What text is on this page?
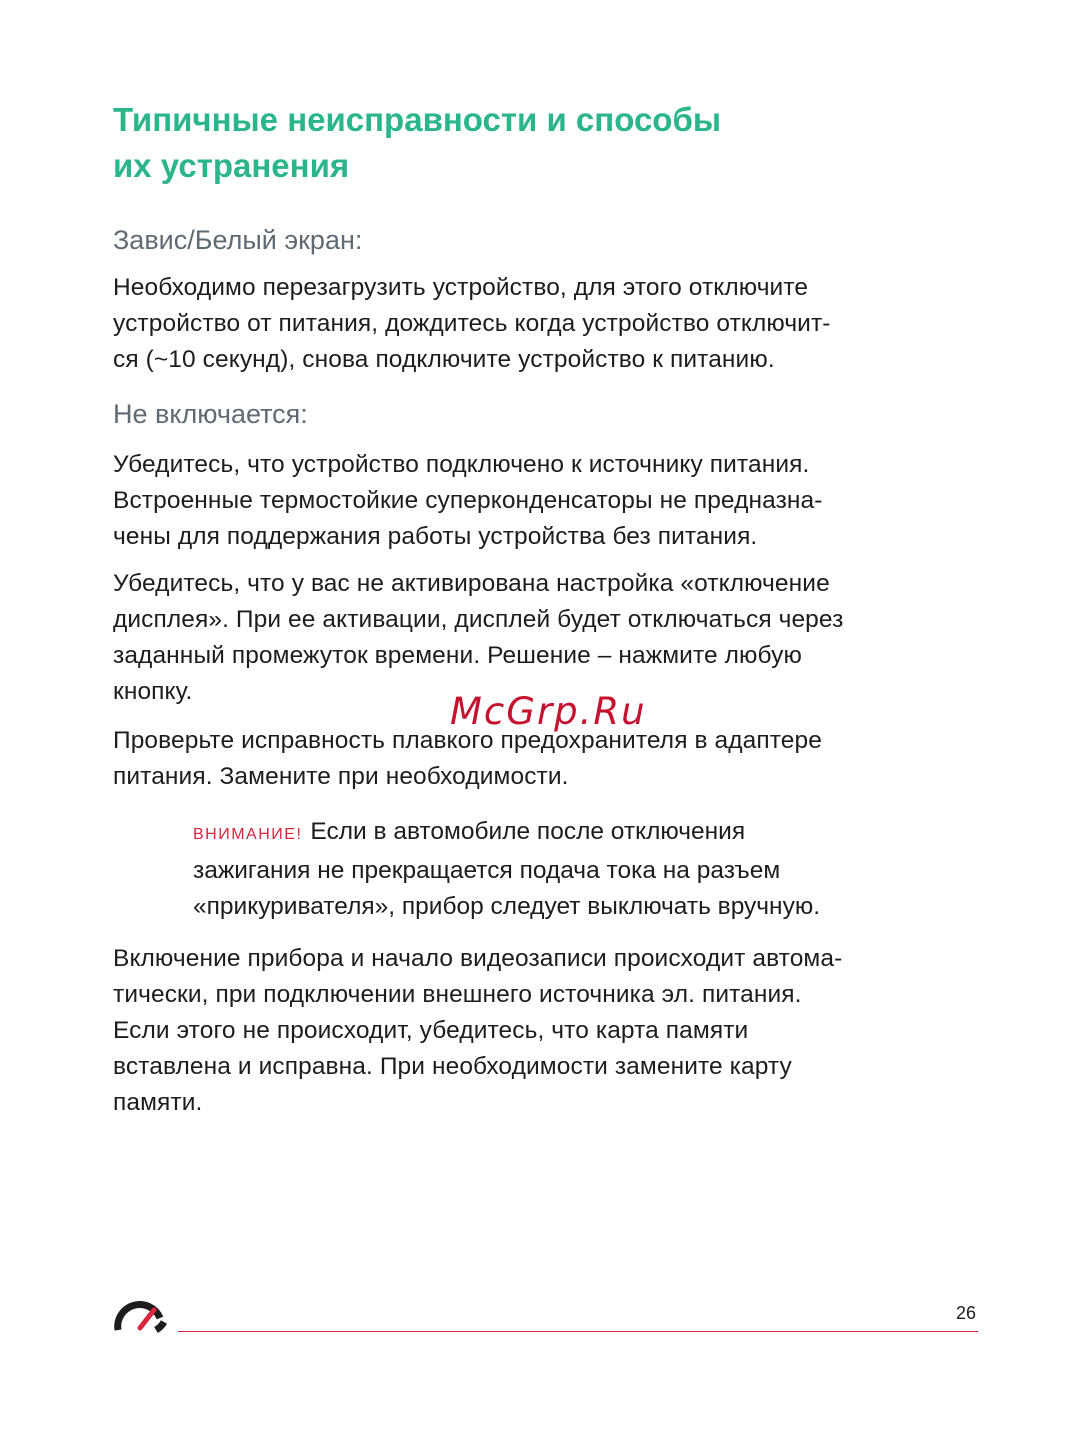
Типичные неисправности и способы
их устранения
Завис/Белый экран:

Необходимо перезагрузить устройство, для этого отключите
устройство от питания, дождитесь когда устройство отключит-
ся (~10 секунд), снова подключите устройство к питанию.

Не включается:

Убедитесь, что устройство подключено к источнику питания.
Встроенные термостойкие суперконденсаторы не предназна-
чены для поддержания работы устройства без питания.

Убедитесь, что у вас не активирована настройка «отключение
дисплея». При ее активации, дисплей будет отключаться через
заданный промежуток времени. Решение – нажмите любую
кнопку.

Проверьте исправность плавкого предохранителя в адаптере
питания. Замените при необходимости.

ВНИМАНИЕ! Если в автомобиле после отключения
зажигания не прекращается подача тока на разъем
«прикуривателя», прибор следует выключать вручную.

Включение прибора и начало видеозаписи происходит автома-
тически, при подключении внешнего источника эл. питания.
Если этого не происходит, убедитесь, что карта памяти
вставлена и исправна. При необходимости замените карту
памяти.

McGrp.Ru
26
